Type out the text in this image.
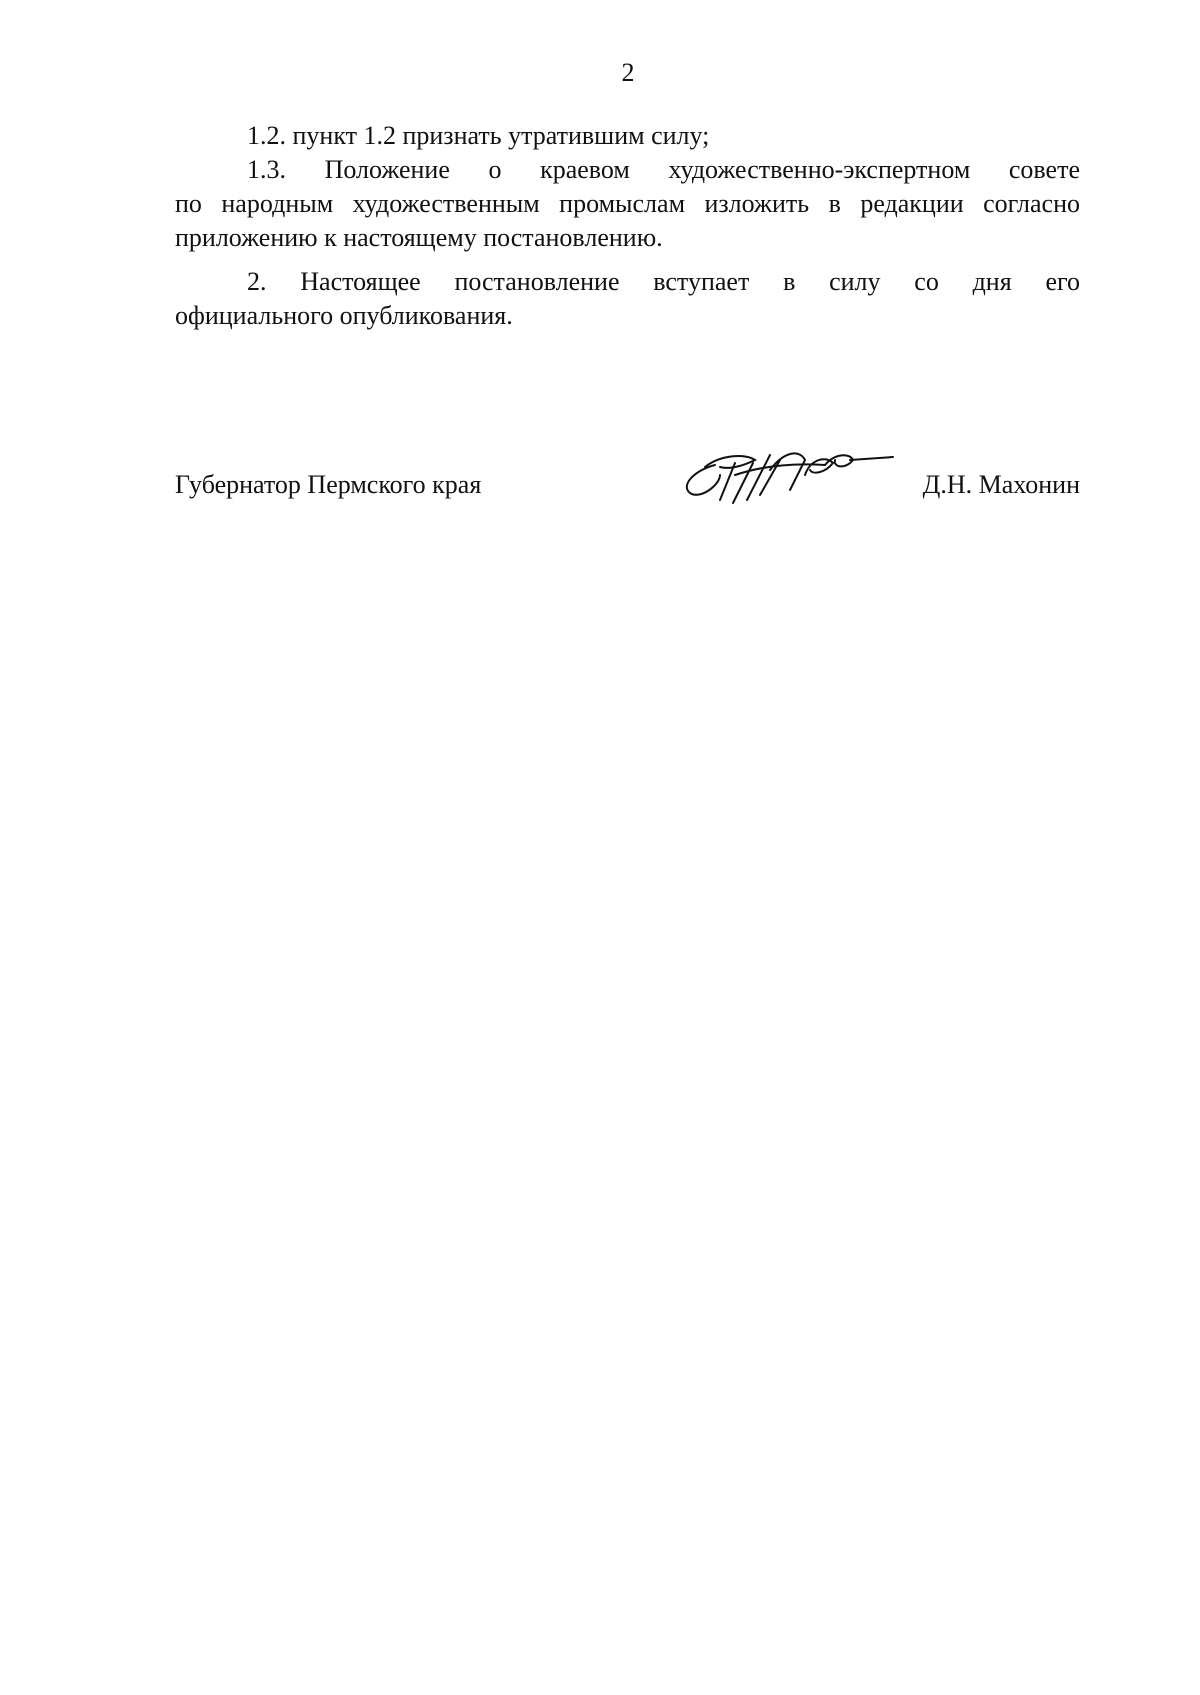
2
1.2. пункт 1.2 признать утратившим силу;
1.3. Положение о краевом художественно-экспертном совете
по народным художественным промыслам изложить в редакции согласно
приложению к настоящему постановлению.
2. Настоящее постановление вступает в силу со дня его
официального опубликования.
Губернатор Пермского края	Д.Н. Махонин
